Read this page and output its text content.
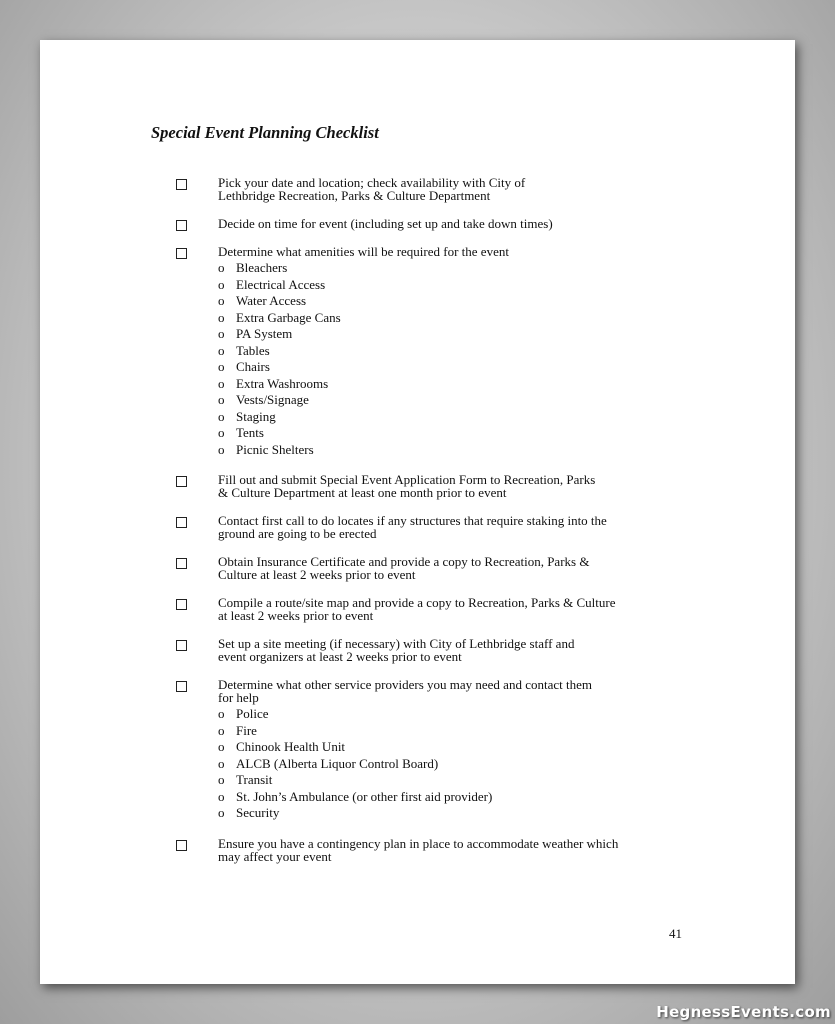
Special Event Planning Checklist
Pick your date and location; check availability with City of
Lethbridge Recreation, Parks & Culture Department
Decide on time for event (including set up and take down times)
Determine what amenities will be required for the event
o Bleachers
o Electrical Access
o Water Access
o Extra Garbage Cans
o PA System
o Tables
o Chairs
o Extra Washrooms
o Vests/Signage
o Staging
o Tents
o Picnic Shelters
Fill out and submit Special Event Application Form to Recreation, Parks
& Culture Department at least one month prior to event
Contact first call to do locates if any structures that require staking into the
ground are going to be erected
Obtain Insurance Certificate and provide a copy to Recreation, Parks &
Culture at least 2 weeks prior to event
Compile a route/site map and provide a copy to Recreation, Parks & Culture
at least 2 weeks prior to event
Set up a site meeting (if necessary) with City of Lethbridge staff and
event organizers at least 2 weeks prior to event
Determine what other service providers you may need and contact them
for help
o Police
o Fire
o Chinook Health Unit
o ALCB (Alberta Liquor Control Board)
o Transit
o St. John’s Ambulance (or other first aid provider)
o Security
Ensure you have a contingency plan in place to accommodate weather which
may affect your event
41
HegnessEvents.com
